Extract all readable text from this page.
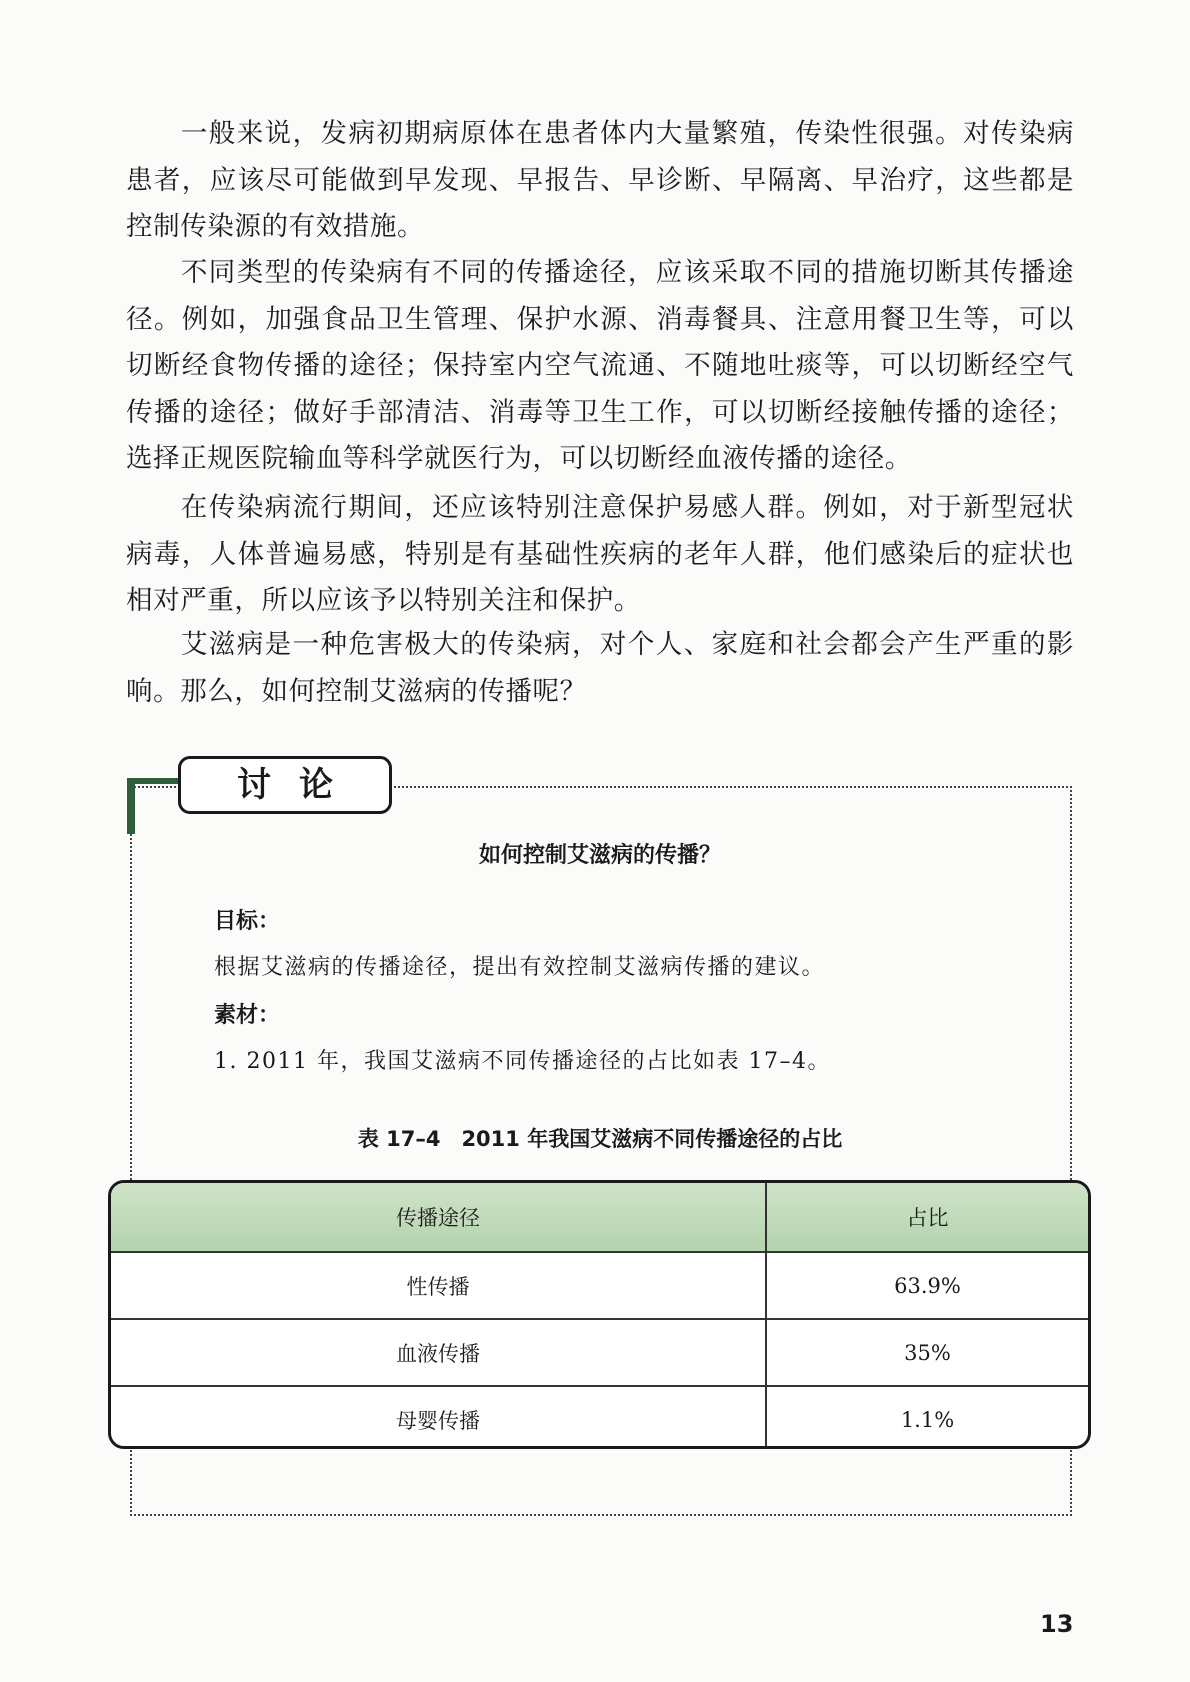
一般来说，发病初期病原体在患者体内大量繁殖，传染性很强。对传染病患者，应该尽可能做到早发现、早报告、早诊断、早隔离、早治疗，这些都是控制传染源的有效措施。
不同类型的传染病有不同的传播途径，应该采取不同的措施切断其传播途径。例如，加强食品卫生管理、保护水源、消毒餐具、注意用餐卫生等，可以切断经食物传播的途径；保持室内空气流通、不随地吐痰等，可以切断经空气传播的途径；做好手部清洁、消毒等卫生工作，可以切断经接触传播的途径；选择正规医院输血等科学就医行为，可以切断经血液传播的途径。
在传染病流行期间，还应该特别注意保护易感人群。例如，对于新型冠状病毒，人体普遍易感，特别是有基础性疾病的老年人群，他们感染后的症状也相对严重，所以应该予以特别关注和保护。
艾滋病是一种危害极大的传染病，对个人、家庭和社会都会产生严重的影响。那么，如何控制艾滋病的传播呢？
讨论
如何控制艾滋病的传播？
目标：
根据艾滋病的传播途径，提出有效控制艾滋病传播的建议。
素材：
1. 2011 年，我国艾滋病不同传播途径的占比如表 17–4。
表 17–4　2011 年我国艾滋病不同传播途径的占比
传播途径	占比
性传播	63.9%
血液传播	35%
母婴传播	1.1%
13
